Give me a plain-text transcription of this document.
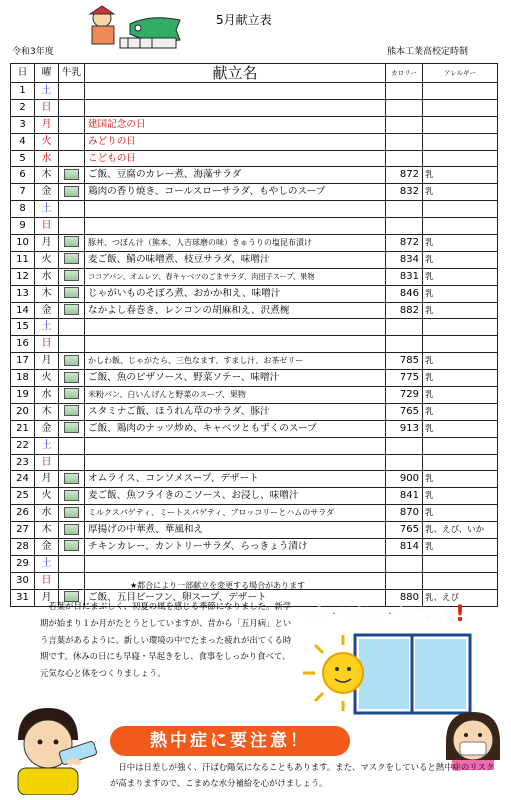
5月献立表
令和3年度	熊本工業高校定時制
日	曜	牛乳	献立名	カロリー	アレルギー
1	土				
2	日				
3	月		建国記念の日		
4	火		みどりの日		
5	水		こどもの日		
6	木		ご飯、豆腐のカレー煮、海藻サラダ	872	乳
7	金		鶏肉の香り焼き、コールスローサラダ、もやしのスープ	832	乳
8	土				
9	日				
10	月		豚丼、つぼん汁（熊本、人吉球磨の味）きゅうりの塩昆布漬け	872	乳
11	火		麦ご飯、鯖の味噌煮、枝豆サラダ、味噌汁	834	乳
12	水		ココアパン、オムレツ、春キャベツのごまサラダ、肉団子スープ、果物	831	乳
13	木		じゃがいものそぼろ煮、おかか和え、味噌汁	846	乳
14	金		なかよし春巻き、レンコンの胡麻和え、沢煮椀	882	乳
15	土				
16	日				
17	月		かしわ飯、じゃがたら、三色なます、すまし汁、お茶ゼリー	785	乳
18	火		ご飯、魚のピザソース、野菜ソテー、味噌汁	775	乳
19	水		米粉パン、白いんげんと野菜のスープ、果物	729	乳
20	木		スタミナご飯、ほうれん草のサラダ、豚汁	765	乳
21	金		ご飯、鶏肉のナッツ炒め、キャベツともずくのスープ	913	乳
22	土				
23	日				
24	月		オムライス、コンソメスープ、デザート	900	乳
25	火		麦ご飯、魚フライきのこソース、お浸し、味噌汁	841	乳
26	水		ミルクスパゲティ、ミートスパゲティ、ブロッコリーとハムのサラダ	870	乳
27	木		厚揚げの中華煮、華風和え	765	乳、えび、いか
28	金		チキンカレー、カントリーサラダ、らっきょう漬け	814	乳
29	土				
30	日				
31	月		ご飯、五目ビーフン、卵スープ、デザート	880	乳、えび
★都合により一部献立を変更する場合があります
若葉が目にまぶしく、初夏の風を感じる季節になりました。新学期が始まり１か月がたとうとしていますが、昔から「五月病」という言葉があるように、新しい環境の中でたまった疲れが出てくる時期です。休みの日にも早寝・早起きをし、食事をしっかり食べて、元気な心と体をつくりましょう。
早寝・早起き・朝ごはん !
熱中症に要注意！
日中は日差しが強く、汗ばむ陽気になることもあります。また、マスクをしていると熱中症のリスクが高まりますので、こまめな水分補給を心がけましょう。
